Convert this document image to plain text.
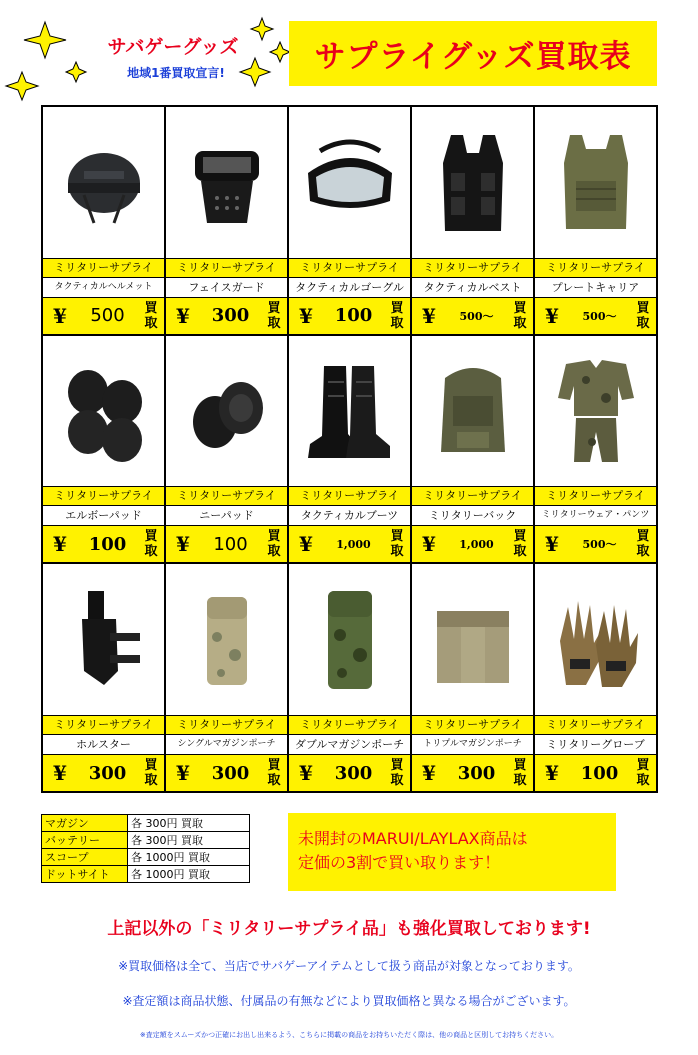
サバゲーグッズ
地域1番買取宣言!	サプライグッズ買取表
ミリタリーサプライ
タクティカルヘルメット
¥	500	買
取
ミリタリーサプライ
フェイスガード
¥	300	買
取
ミリタリーサプライ
タクティカルゴーグル
¥	100	買
取
ミリタリーサプライ
タクティカルベスト
¥	500～
買
取
ミリタリーサプライ
プレートキャリア
¥	500～
買
取
ミリタリーサプライ
エルボーパッド
¥	100	買
取
ミリタリーサプライ
ニーパッド
¥	100	買
取
ミリタリーサプライ
タクティカルブーツ
¥	1,000	買
取
ミリタリーサプライ
ミリタリーバック
¥	1,000	買
取
ミリタリーサプライ
ミリタリーウェア・パンツ
¥	500～
買
取
ミリタリーサプライ
ホルスター
¥	300	買
取
ミリタリーサプライ
シングルマガジンポーチ
¥	300	買
取
ミリタリーサプライ
ダブルマガジンポーチ
¥	300	買
取
ミリタリーサプライ
トリプルマガジンポーチ
¥	300	買
取
ミリタリーサプライ
ミリタリーグローブ
¥	100	買
取
マガジン	各 300円 買取
バッテリー	各 300円 買取
スコープ	各 1000円 買取
ドットサイト	各 1000円 買取
未開封のMARUI/LAYLAX商品は
定価の3割で買い取ります！
上記以外の「ミリタリーサプライ品」も強化買取しております!
※買取価格は全て、当店でサバゲーアイテムとして扱う商品が対象となっております。
※査定額は商品状態、付属品の有無などにより買取価格と異なる場合がございます。
※査定額をスムーズかつ正確にお出し出来るよう、こちらに掲載の商品をお持ちいただく際は、他の商品と区別してお持ちください。
